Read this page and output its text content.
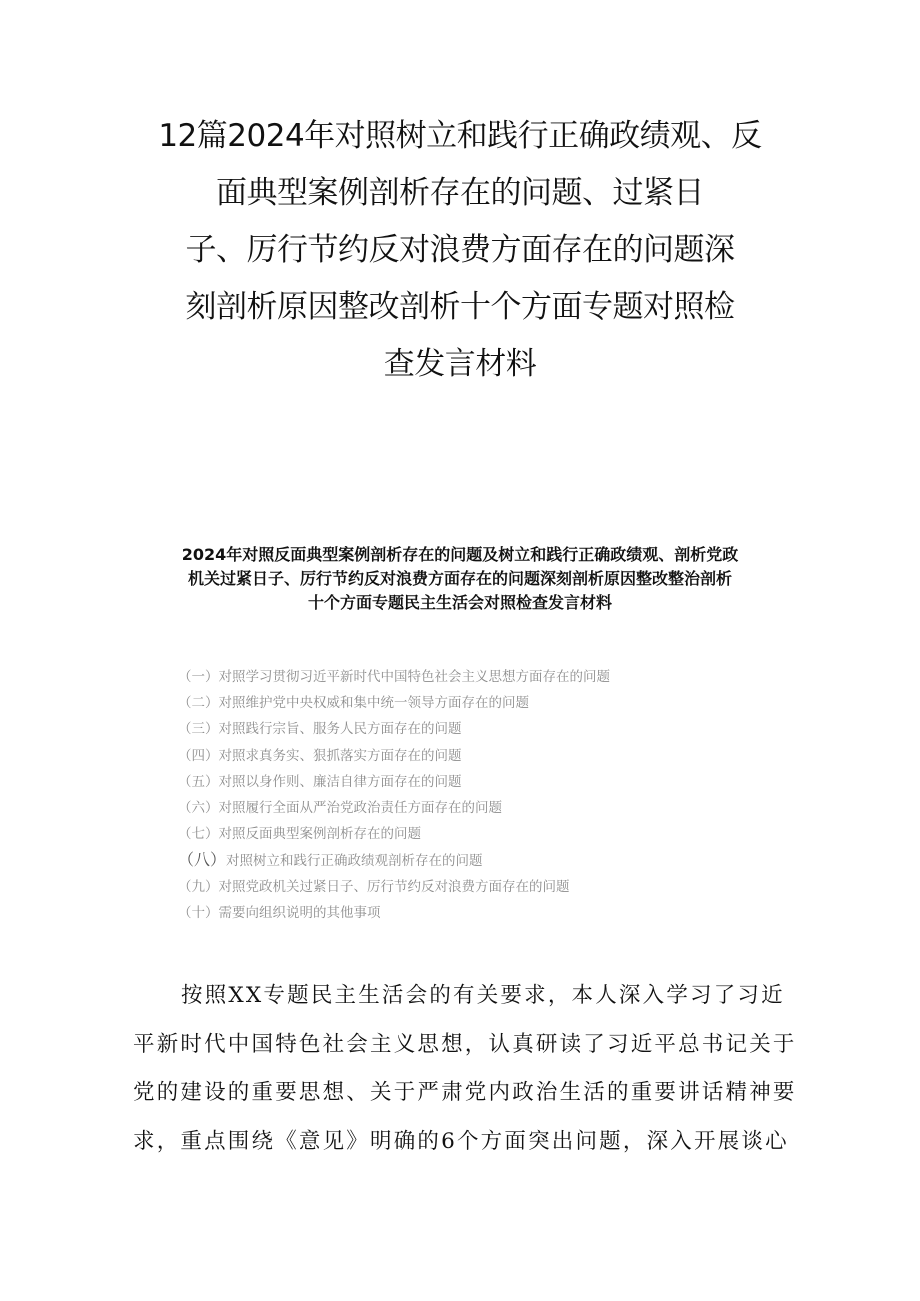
12篇2024年对照树立和践行正确政绩观、反
面典型案例剖析存在的问题、过紧日
子、厉行节约反对浪费方面存在的问题深
刻剖析原因整改剖析十个方面专题对照检
查发言材料
2024年对照反面典型案例剖析存在的问题及树立和践行正确政绩观、剖析党政
机关过紧日子、厉行节约反对浪费方面存在的问题深刻剖析原因整改整治剖析
十个方面专题民主生活会对照检查发言材料
（一）对照学习贯彻习近平新时代中国特色社会主义思想方面存在的问题
（二）对照维护党中央权威和集中统一领导方面存在的问题
（三）对照践行宗旨、服务人民方面存在的问题
（四）对照求真务实、狠抓落实方面存在的问题
（五）对照以身作则、廉洁自律方面存在的问题
（六）对照履行全面从严治党政治责任方面存在的问题
（七）对照反面典型案例剖析存在的问题
（八）对照树立和践行正确政绩观剖析存在的问题
（九）对照党政机关过紧日子、厉行节约反对浪费方面存在的问题
（十）需要向组织说明的其他事项
按照XX专题民主生活会的有关要求，本人深入学习了习近
平新时代中国特色社会主义思想，认真研读了习近平总书记关于
党的建设的重要思想、关于严肃党内政治生活的重要讲话精神要
求，重点围绕《意见》明确的6个方面突出问题，深入开展谈心
